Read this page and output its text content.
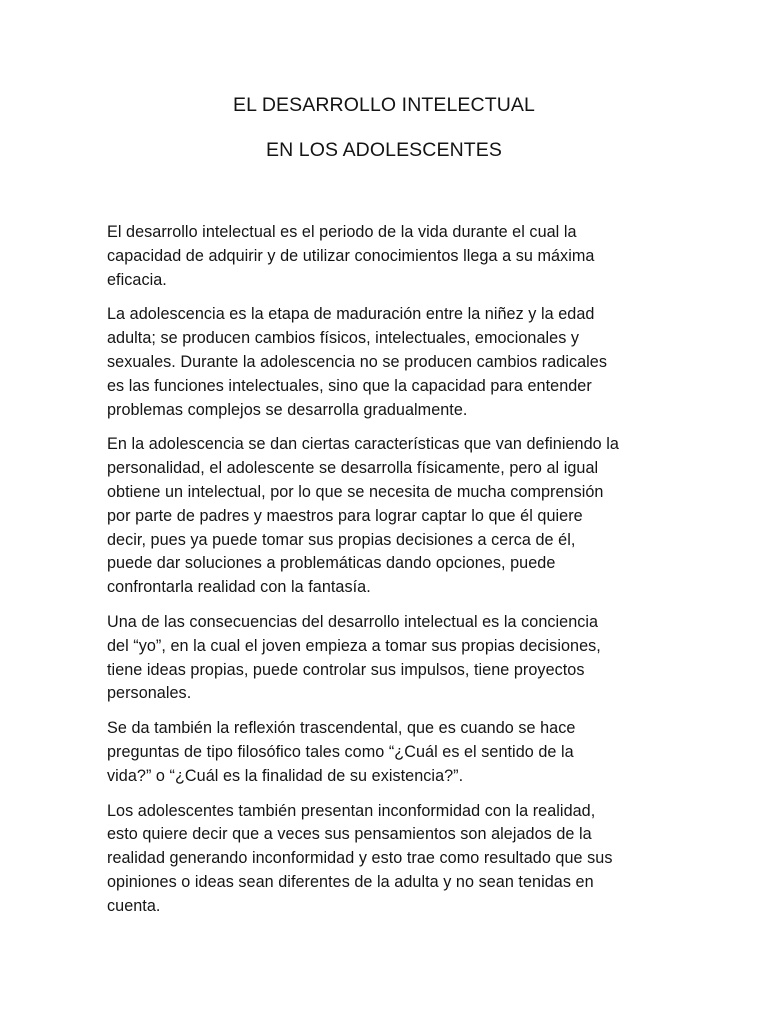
EL DESARROLLO INTELECTUAL
EN LOS ADOLESCENTES

El desarrollo intelectual es el periodo de la vida durante el cual la
capacidad de adquirir y de utilizar conocimientos llega a su máxima
eficacia.

La adolescencia es la etapa de maduración entre la niñez y la edad
adulta; se producen cambios físicos, intelectuales, emocionales y
sexuales. Durante la adolescencia no se producen cambios radicales
es las funciones intelectuales, sino que la capacidad para entender
problemas complejos se desarrolla gradualmente.

En la adolescencia se dan ciertas características que van definiendo la
personalidad, el adolescente se desarrolla físicamente, pero al igual
obtiene un intelectual, por lo que se necesita de mucha comprensión
por parte de padres y maestros para lograr captar lo que él quiere
decir, pues ya puede tomar sus propias decisiones a cerca de él,
puede dar soluciones a problemáticas dando opciones, puede
confrontarla realidad con la fantasía.

Una de las consecuencias del desarrollo intelectual es la conciencia
del “yo”, en la cual el joven empieza a tomar sus propias decisiones,
tiene ideas propias, puede controlar sus impulsos, tiene proyectos
personales.

Se da también la reflexión trascendental, que es cuando se hace
preguntas de tipo filosófico tales como “¿Cuál es el sentido de la
vida?” o “¿Cuál es la finalidad de su existencia?”.

Los adolescentes también presentan inconformidad con la realidad,
esto quiere decir que a veces sus pensamientos son alejados de la
realidad generando inconformidad y esto trae como resultado que sus
opiniones o ideas sean diferentes de la adulta y no sean tenidas en
cuenta.
